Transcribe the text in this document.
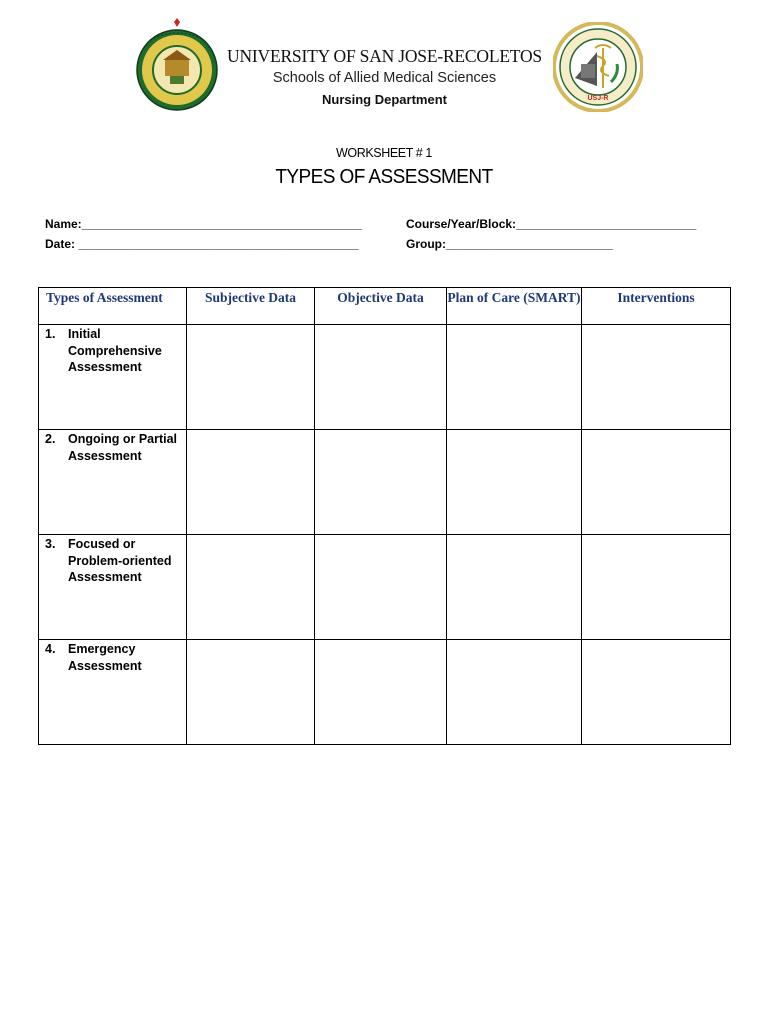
UNIVERSITY OF SAN JOSE-RECOLETOS
Schools of Allied Medical Sciences
Nursing Department	USJ-R
WORKSHEET # 1
TYPES OF ASSESSMENT
Name:__________________________________________
Date: __________________________________________
Course/Year/Block:___________________________
Group:_________________________
Types of Assessment	Subjective Data	Objective Data	Plan of Care (SMART)	Interventions

1. Initial Comprehensive Assessment				

2. Ongoing or Partial Assessment				

3. Focused or Problem-oriented Assessment				

4. Emergency Assessment				
